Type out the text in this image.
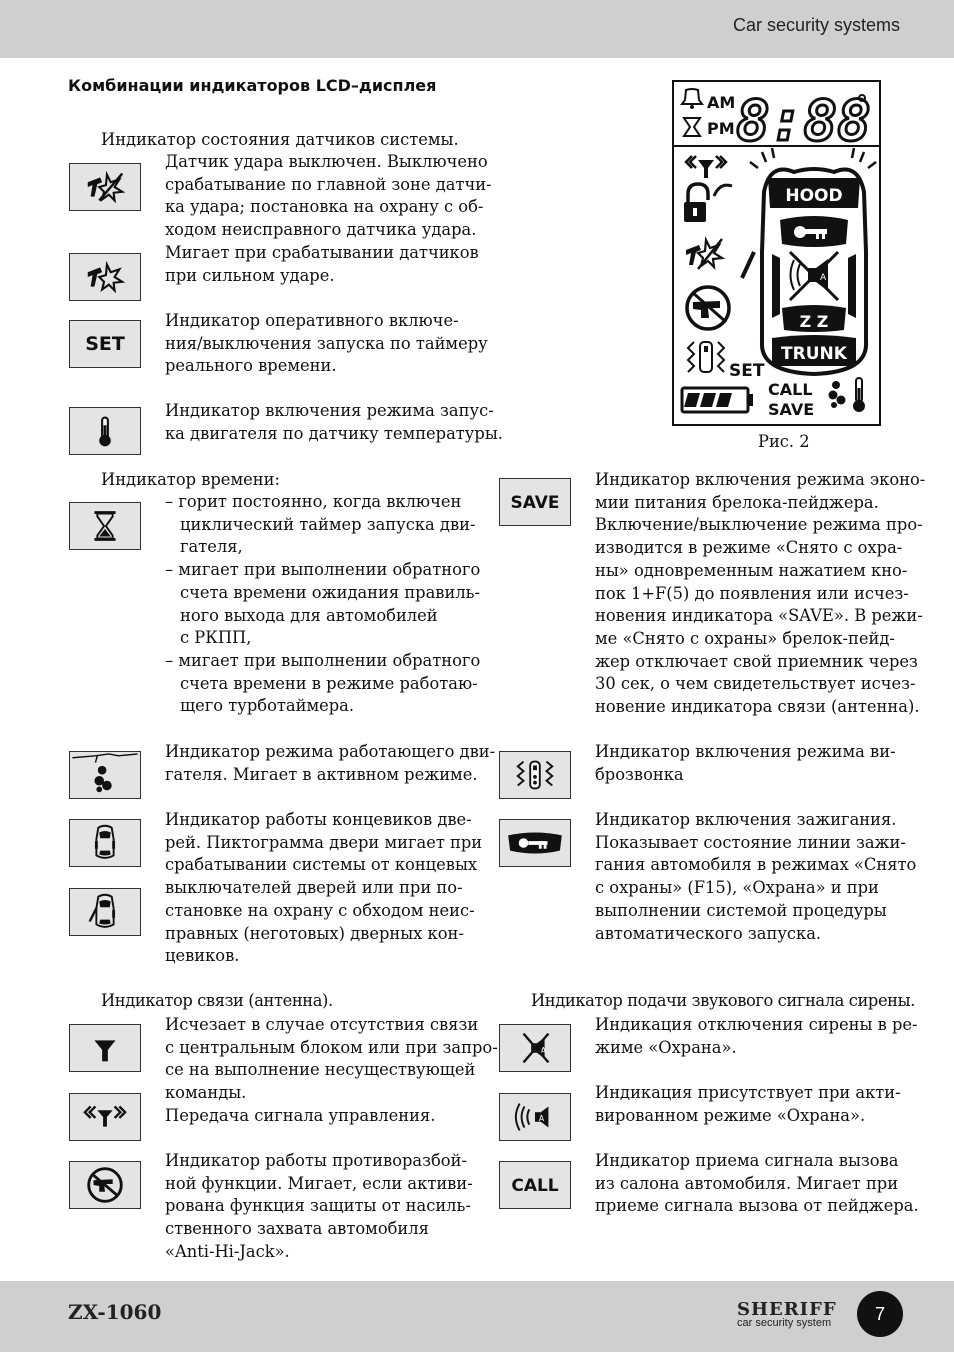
Car security systems
Комбинации индикаторов LCD–дисплея

Индикатор состояния датчиков системы.

Датчик удара выключен. Выключено
срабатывание по главной зоне датчи-
ка удара; постановка на охрану с об-
ходом неисправного датчика удара.
Мигает при срабатывании датчиков
при сильном ударе.
Индикатор оперативного включе-
ния/выключения запуска по таймеру
реального времени.
Индикатор включения режима запус-
ка двигателя по датчику температуры.

Индикатор времени:

– горит постоянно, когда включен
циклический таймер запуска дви-
гателя,
– мигает при выполнении обратного
счета времени ожидания правиль-
ного выхода для автомобилей
с РКПП,
– мигает при выполнении обратного
счета времени в режиме работаю-
щего турботаймера.
Индикатор режима работающего дви-
гателя. Мигает в активном режиме.
Индикатор работы концевиков две-
рей. Пиктограмма двери мигает при
срабатывании системы от концевых
выключателей дверей или при по-
становке на охрану с обходом неис-
правных (неготовых) дверных кон-
цевиков.

Индикатор связи (антенна).

Исчезает в случае отсутствия связи
с центральным блоком или при запро-
се на выполнение несуществующей
команды.
Передача сигнала управления.
Индикатор работы противоразбой-
ной функции. Мигает, если активи-
рована функция защиты от насиль-
ственного захвата автомобиля
«Anti-Hi-Jack».
Индикатор включения режима эконо-
мии питания брелока-пейджера.
Включение/выключение режима про-
изводится в режиме «Снято с охра-
ны» одновременным нажатием кно-
пок 1+F(5) до появления или исчез-
новения индикатора «SAVE». В режи-
ме «Снято с охраны» брелок-пейд-
жер отключает свой приемник через
30 сек, о чем свидетельствует исчез-
новение индикатора связи (антенна).
Индикатор включения режима ви-
брозвонка
Индикатор включения зажигания.
Показывает состояние линии зажи-
гания автомобиля в режимах «Снято
с охраны» (F15), «Охрана» и при
выполнении системой процедуры
автоматического запуска.

Индикатор подачи звукового сигнала сирены.

Индикация отключения сирены в ре-
жиме «Охрана».
Индикация присутствует при акти-
вированном режиме «Охрана».
Индикатор приема сигнала вызова
из салона автомобиля. Мигает при
приеме сигнала вызова от пейджера.
SET
SAVE
A
A
CALL
AM
PM 8:88
SET
HOOD
A
Z Z
TRUNK
CALL
SAVE
Рис. 2
ZX-1060	SHERIFF
car security system	7
